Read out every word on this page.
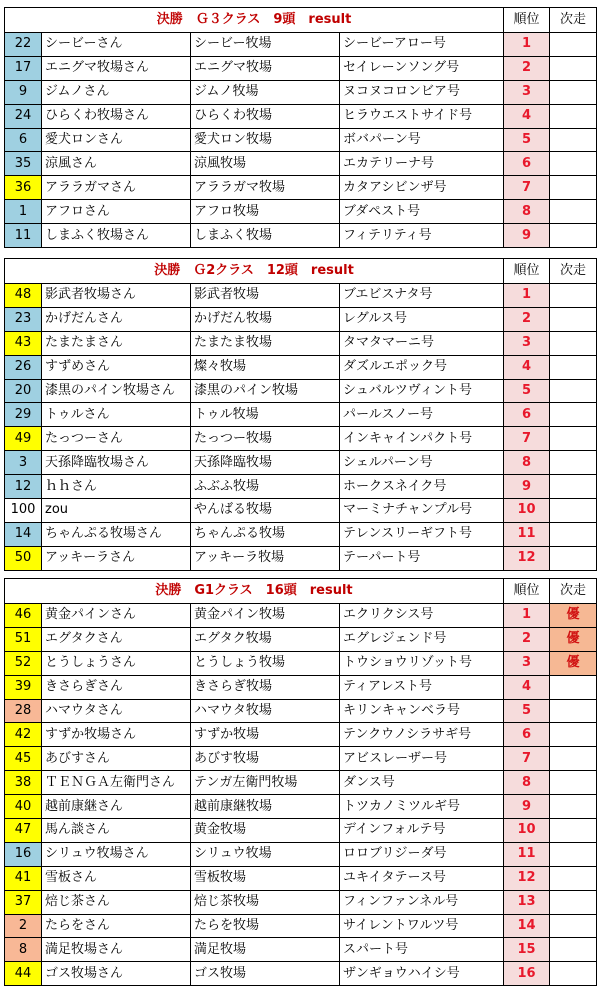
決勝　Ｇ３クラス　9頭　result				順位	次走
22	シービーさん	シービー牧場	シービーアロー号	1	
17	エニグマ牧場さん	エニグマ牧場	セイレーンソング号	2	
9	ジムノさん	ジムノ牧場	ヌコヌコロンビア号	3	
24	ひらくわ牧場さん	ひらくわ牧場	ヒラウエストサイド号	4	
6	愛犬ロンさん	愛犬ロン牧場	ボバパーン号	5	
35	涼風さん	涼風牧場	エカテリーナ号	6	
36	アララガマさん	アララガマ牧場	カタアシビンザ号	7	
1	アフロさん	アフロ牧場	ブダペスト号	8	
11	しまふく牧場さん	しまふく牧場	フィテリティ号	9	
決勝　Ｇ2クラス　12頭　result				順位	次走
48	影武者牧場さん	影武者牧場	ブエビスナタ号	1	
23	かげだんさん	かげだん牧場	レグルス号	2	
43	たまたまさん	たまたま牧場	タマタマーニ号	3	
26	すずめさん	燦々牧場	ダズルエポック号	4	
20	漆黒のパイン牧場さん	漆黒のパイン牧場	シュバルツヴィント号	5	
29	トゥルさん	トゥル牧場	パールスノー号	6	
49	たっつーさん	たっつー牧場	インキャインパクト号	7	
3	天孫降臨牧場さん	天孫降臨牧場	シェルパーン号	8	
12	ｈｈさん	ふぶふ牧場	ホークスネイク号	9	
100	zou	やんばる牧場	マーミナチャンプル号	10	
14	ちゃんぷる牧場さん	ちゃんぷる牧場	テレンスリーギフト号	11	
50	アッキーラさん	アッキーラ牧場	テーパート号	12	
決勝　G1クラス　16頭　result				順位	次走
46	黄金パインさん	黄金パイン牧場	エクリクシス号	1	優
51	エグタクさん	エグタク牧場	エグレジェンド号	2	優
52	とうしょうさん	とうしょう牧場	トウショウリゾット号	3	優
39	きさらぎさん	きさらぎ牧場	ティアレスト号	4	
28	ハマウタさん	ハマウタ牧場	キリンキャンベラ号	5	
42	すずか牧場さん	すずか牧場	テンクウノシラサギ号	6	
45	あびすさん	あびす牧場	アビスレーザー号	7	
38	ＴＥＮＧＡ左衛門さん	テンガ左衛門牧場	ダンス号	8	
40	越前康継さん	越前康継牧場	トツカノミツルギ号	9	
47	馬ん談さん	黄金牧場	デインフォルテ号	10	
16	シリュウ牧場さん	シリュウ牧場	ロロブリジーダ号	11	
41	雪板さん	雪板牧場	ユキイタテース号	12	
37	焙じ茶さん	焙じ茶牧場	フィンファンネル号	13	
2	たらをさん	たらを牧場	サイレントワルツ号	14	
8	満足牧場さん	満足牧場	スパート号	15	
44	ゴス牧場さん	ゴス牧場	ザンギョウハイシ号	16	
